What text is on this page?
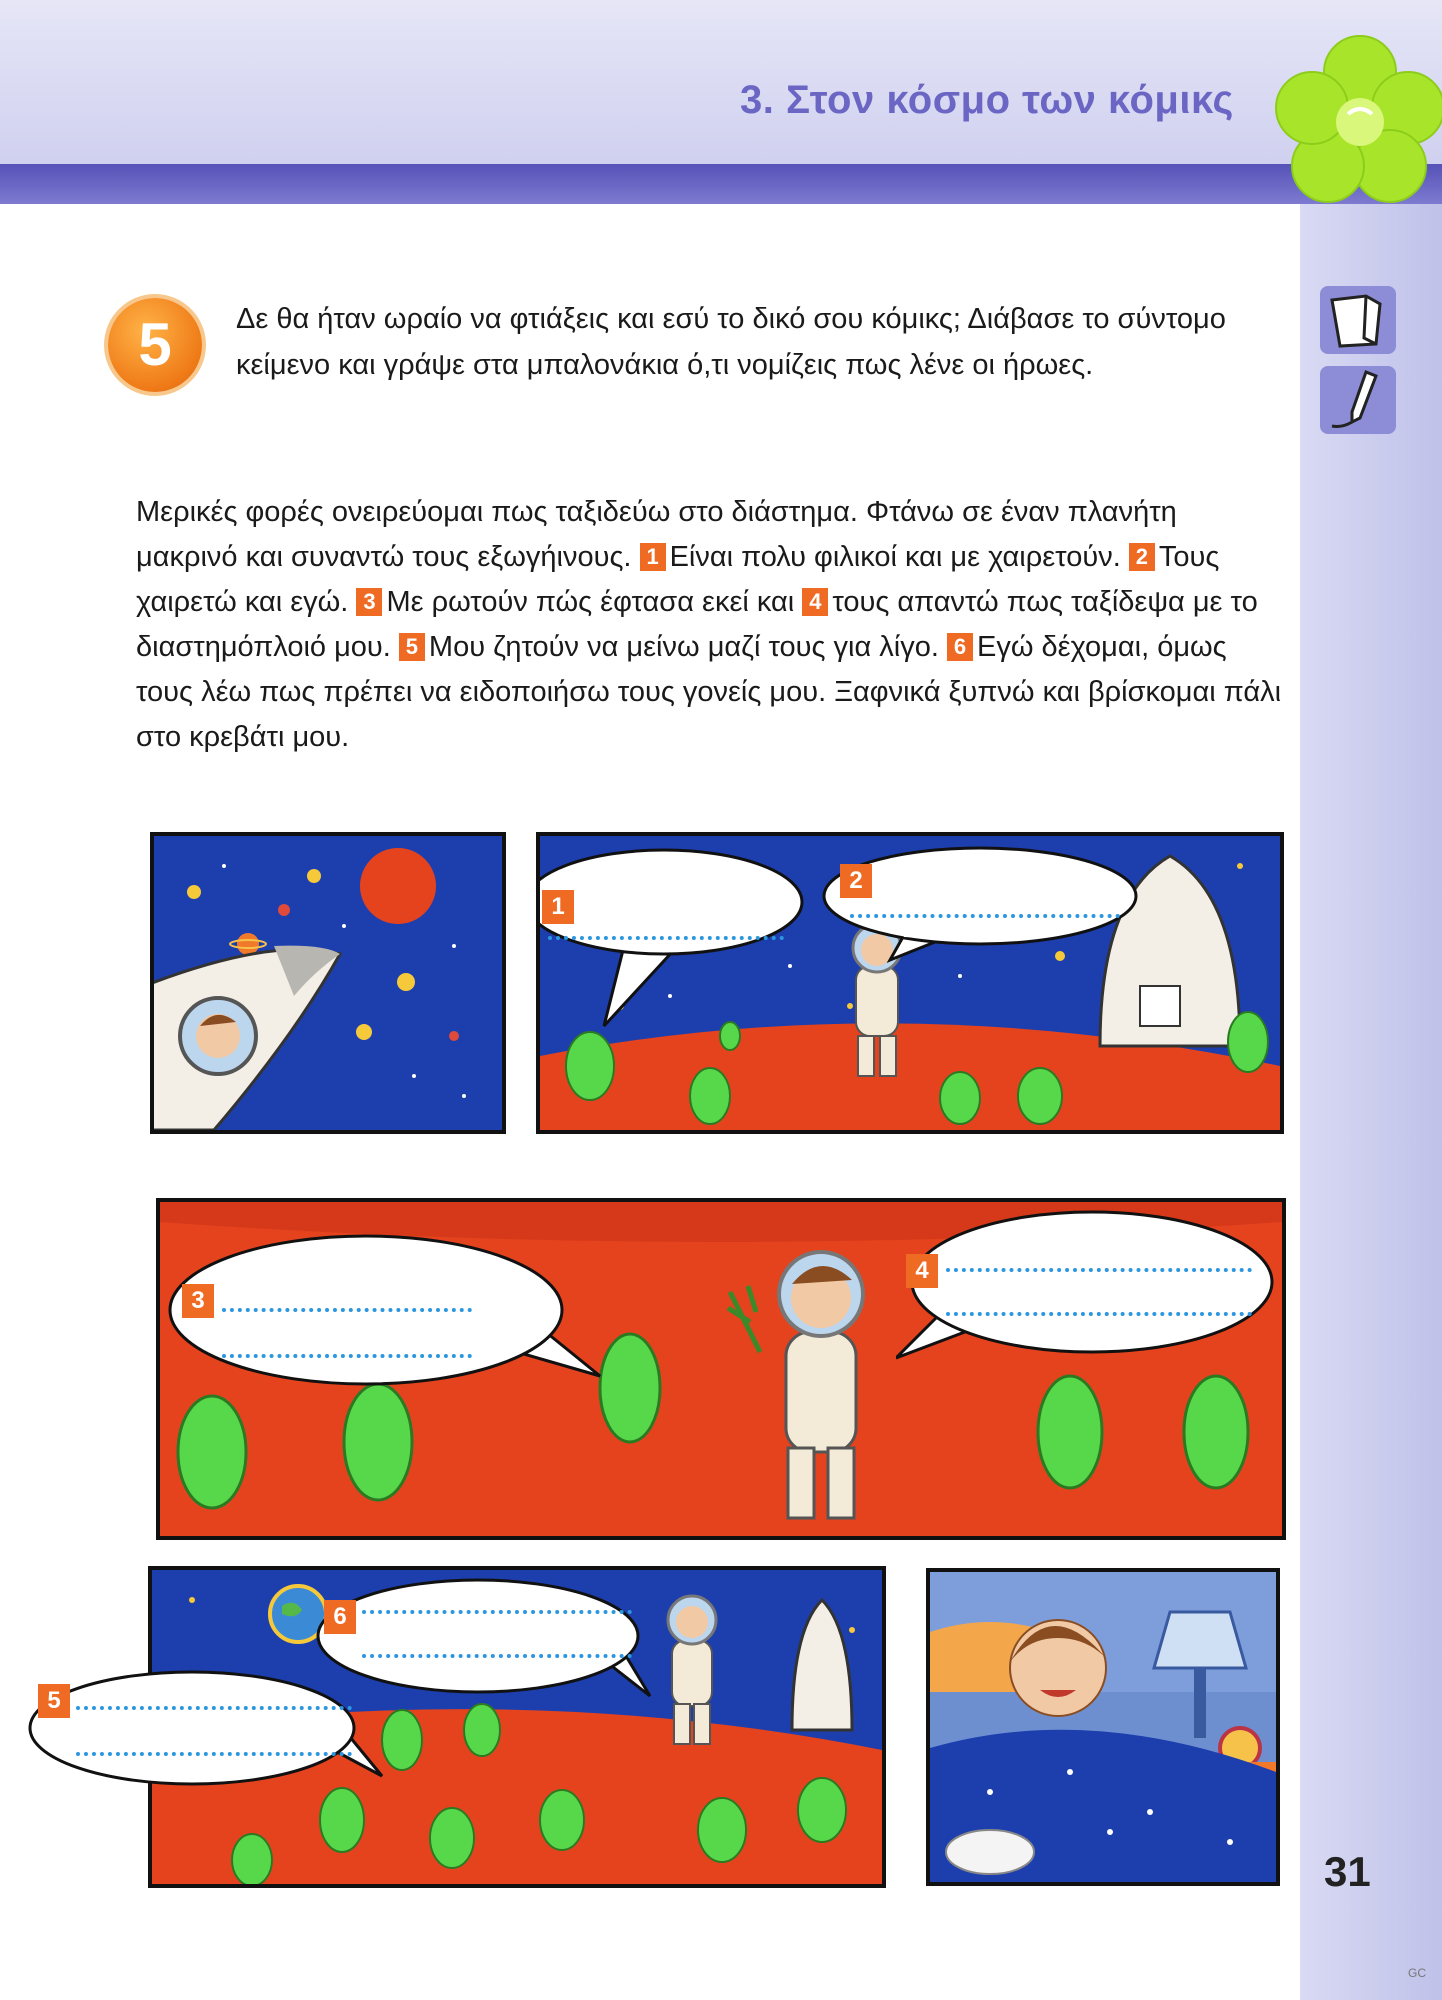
3. Στον κόσμο των κόμικς
5	Δε θα ήταν ωραίο να φτιάξεις και εσύ το δικό σου κόμικς; Διάβασε το σύντομο κείμενο και γράψε στα μπαλονάκια ό,τι νομίζεις πως λένε οι ήρωες.
Μερικές φορές ονειρεύομαι πως ταξιδεύω στο διάστημα. Φτάνω σε έναν πλανήτη μακρινό και συναντώ τους εξωγήινους. 1 Είναι πολυ φιλικοί και με χαιρετούν. 2 Τους χαιρετώ και εγώ. 3 Με ρωτούν πώς έφτασα εκεί και 4 τους απαντώ πως ταξίδεψα με το διαστημόπλοιό μου. 5 Μου ζητούν να μείνω μαζί τους για λίγο. 6 Εγώ δέχομαι, όμως τους λέω πως πρέπει να ειδοποιήσω τους γονείς μου. Ξαφνικά ξυπνώ και βρίσκομαι πάλι στο κρεβάτι μου.
1
2
3
4
6
5
31
GC
